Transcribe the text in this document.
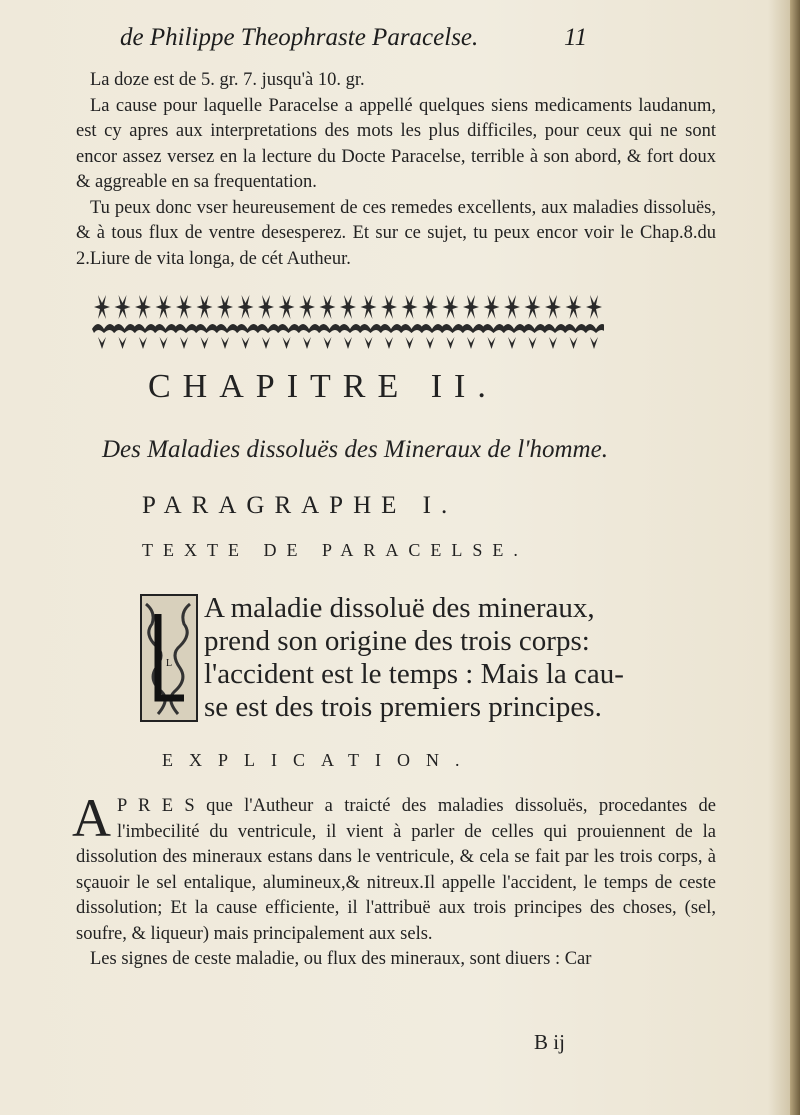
de Philippe Theophraste Paracelse.	11
La doze est de 5. gr. 7. jusqu'à 10. gr.
La cause pour laquelle Paracelse a appellé quelques siens medicaments laudanum, est cy apres aux interpretations des mots les plus difficiles, pour ceux qui ne sont encor assez versez en la lecture du Docte Paracelse, terrible à son abord, & fort doux & aggreable en sa frequentation.
Tu peux donc vser heureusement de ces remedes excellents, aux maladies dissoluës, & à tous flux de ventre desesperez. Et sur ce sujet, tu peux encor voir le Chap.8.du 2.Liure de vita longa, de cét Autheur.
CHAPITRE II.
Des Maladies dissoluës des Mineraux de l'homme.
PARAGRAPHE I.
TEXTE DE PARACELSE.
L
A maladie dissoluë des mineraux,
prend son origine des trois corps:
l'accident est le temps : Mais la cau-
se est des trois premiers principes.
EXPLICATION.
A P R E S que l'Autheur a traicté des maladies dissoluës, procedantes de l'imbecilité du ventricule, il vient à parler de celles qui prouiennent de la dissolution des mineraux estans dans le ventricule, & cela se fait par les trois corps, à sçauoir le sel entalique, alumineux,& nitreux.Il appelle l'accident, le temps de ceste dissolution; Et la cause efficiente, il l'attribuë aux trois principes des choses, (sel, soufre, & liqueur) mais principalement aux sels.
Les signes de ceste maladie, ou flux des mineraux, sont diuers : Car
B ij
